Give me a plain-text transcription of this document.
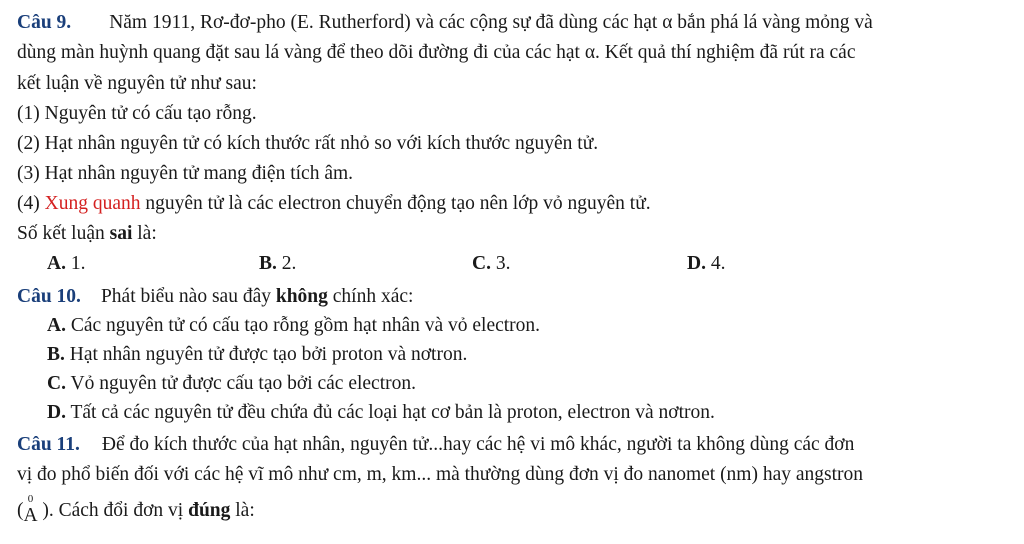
Câu 9. Năm 1911, Rơ-đơ-pho (E. Rutherford) và các cộng sự đã dùng các hạt α bắn phá lá vàng mỏng và
dùng màn huỳnh quang đặt sau lá vàng để theo dõi đường đi của các hạt α. Kết quả thí nghiệm đã rút ra các
kết luận về nguyên tử như sau:
(1) Nguyên tử có cấu tạo rỗng.
(2) Hạt nhân nguyên tử có kích thước rất nhỏ so với kích thước nguyên tử.
(3) Hạt nhân nguyên tử mang điện tích âm.
(4) Xung quanh nguyên tử là các electron chuyển động tạo nên lớp vỏ nguyên tử.
Số kết luận sai là:
A. 1.	B. 2.	C. 3.	D. 4.
Câu 10. Phát biểu nào sau đây không chính xác:
A. Các nguyên tử có cấu tạo rỗng gồm hạt nhân và vỏ electron.
B. Hạt nhân nguyên tử được tạo bởi proton và nơtron.
C. Vỏ nguyên tử được cấu tạo bởi các electron.
D. Tất cả các nguyên tử đều chứa đủ các loại hạt cơ bản là proton, electron và nơtron.
Câu 11. Để đo kích thước của hạt nhân, nguyên tử...hay các hệ vi mô khác, người ta không dùng các đơn
vị đo phổ biến đối với các hệ vĩ mô như cm, m, km... mà thường dùng đơn vị đo nanomet (nm) hay angstron
(
0
A ). Cách đổi đơn vị đúng là:
